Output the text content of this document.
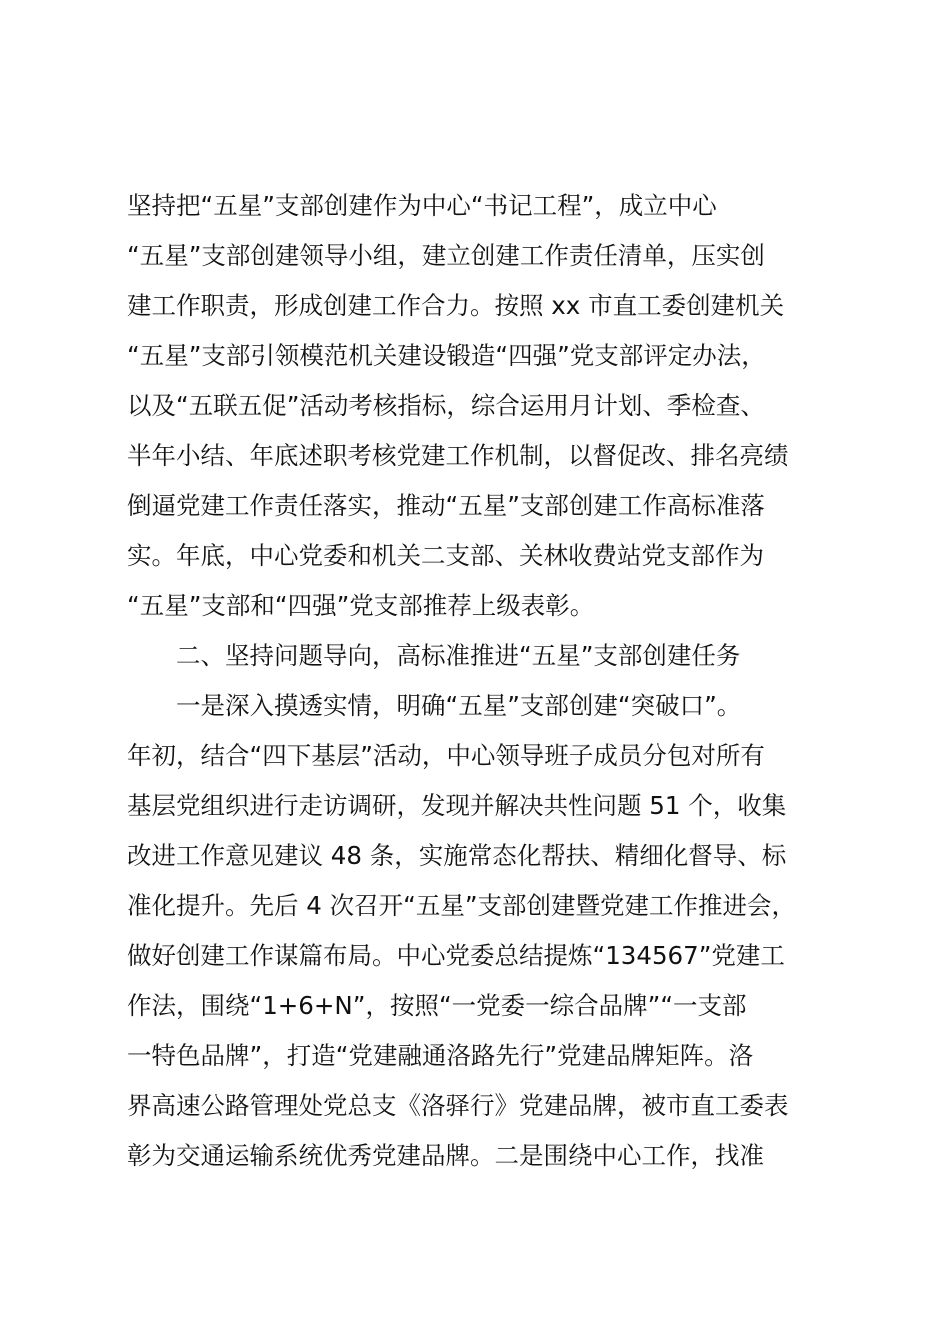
坚持把“五星”支部创建作为中心“书记工程”，成立中心
“五星”支部创建领导小组，建立创建工作责任清单，压实创
建工作职责，形成创建工作合力。按照 xx 市直工委创建机关
“五星”支部引领模范机关建设锻造“四强”党支部评定办法，
以及“五联五促”活动考核指标，综合运用月计划、季检查、
半年小结、年底述职考核党建工作机制，以督促改、排名亮绩
倒逼党建工作责任落实，推动“五星”支部创建工作高标准落
实。年底，中心党委和机关二支部、关林收费站党支部作为
“五星”支部和“四强”党支部推荐上级表彰。
二、坚持问题导向，高标准推进“五星”支部创建任务
一是深入摸透实情，明确“五星”支部创建“突破口”。
年初，结合“四下基层”活动，中心领导班子成员分包对所有
基层党组织进行走访调研，发现并解决共性问题 51 个，收集
改进工作意见建议 48 条，实施常态化帮扶、精细化督导、标
准化提升。先后 4 次召开“五星”支部创建暨党建工作推进会，
做好创建工作谋篇布局。中心党委总结提炼“134567”党建工
作法，围绕“1+6+N”，按照“一党委一综合品牌”“一支部
一特色品牌”，打造“党建融通洛路先行”党建品牌矩阵。洛
界高速公路管理处党总支《洛驿行》党建品牌，被市直工委表
彰为交通运输系统优秀党建品牌。二是围绕中心工作，找准
